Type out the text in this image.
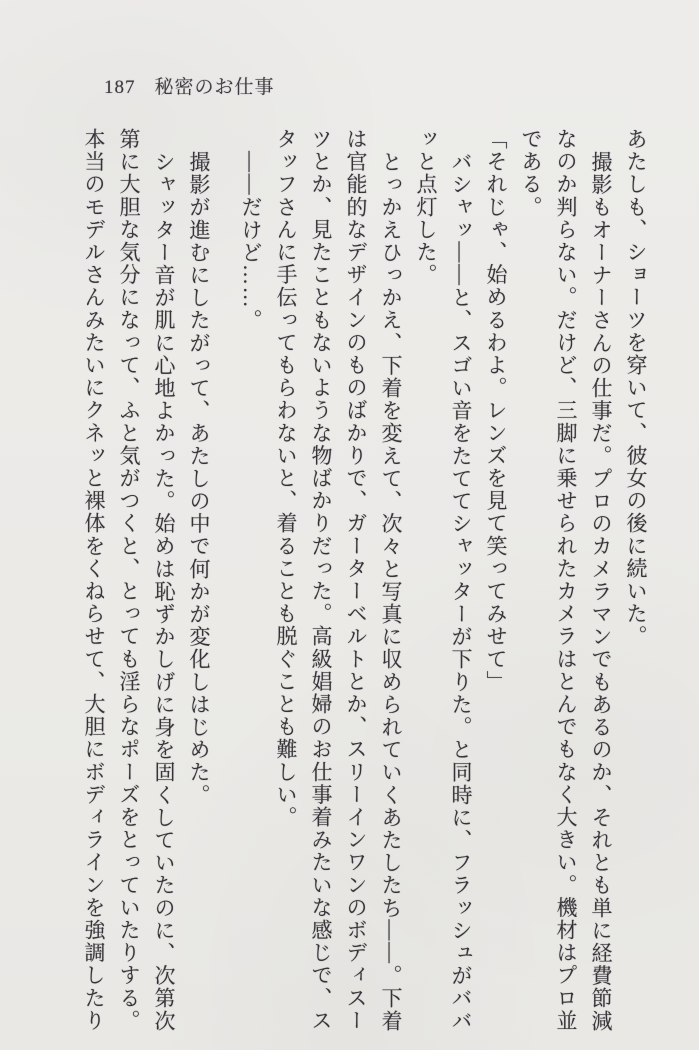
187 秘密のお仕事

あたしも、ショーツを穿いて、彼女の後に続いた。

撮影もオーナーさんの仕事だ。プロのカメラマンでもあるのか、それとも単に経費節減なのか判らない。だけど、三脚に乗せられたカメラはとんでもなく大きい。機材はプロ並である。

「それじゃ、始めるわよ。レンズを見て笑ってみせて」

バシャッ――と、スゴい音をたててシャッターが下りた。と同時に、フラッシュがババッと点灯した。

とっかえひっかえ、下着を変えて、次々と写真に収められていくあたしたち――。下着は官能的なデザインのものばかりで、ガーターベルトとか、スリーインワンのボディスーツとか、見たこともないような物ばかりだった。高級娼婦のお仕事着みたいな感じで、スタッフさんに手伝ってもらわないと、着ることも脱ぐことも難しい。

――だけど……。

撮影が進むにしたがって、あたしの中で何かが変化しはじめた。

シャッター音が肌に心地よかった。始めは恥ずかしげに身を固くしていたのに、次第次第に大胆な気分になって、ふと気がつくと、とっても淫らなポーズをとっていたりする。本当のモデルさんみたいにクネッと裸体をくねらせて、大胆にボディラインを強調したり
